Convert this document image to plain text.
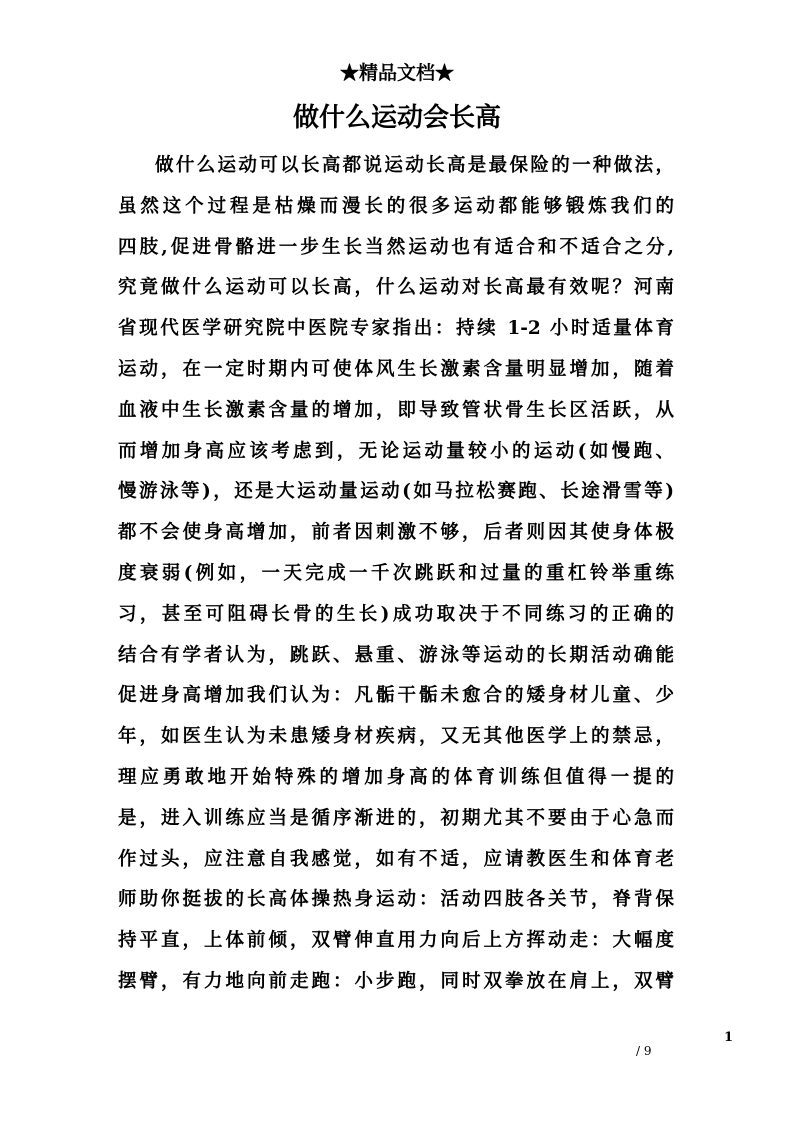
★精品文档★
做什么运动会长高
做什么运动可以长高都说运动长高是最保险的一种做法，
虽然这个过程是枯燥而漫长的很多运动都能够锻炼我们的
四肢,促进骨骼进一步生长当然运动也有适合和不适合之分,
究竟做什么运动可以长高，什么运动对长高最有效呢？河南
省现代医学研究院中医院专家指出：持续 1-2 小时适量体育
运动，在一定时期内可使体风生长激素含量明显增加，随着
血液中生长激素含量的增加，即导致管状骨生长区活跃，从
而增加身高应该考虑到，无论运动量较小的运动(如慢跑、
慢游泳等)，还是大运动量运动(如马拉松赛跑、长途滑雪等)
都不会使身高增加，前者因刺激不够，后者则因其使身体极
度衰弱(例如，一天完成一千次跳跃和过量的重杠铃举重练
习，甚至可阻碍长骨的生长)成功取决于不同练习的正确的
结合有学者认为，跳跃、悬重、游泳等运动的长期活动确能
促进身高增加我们认为：凡骺干骺未愈合的矮身材儿童、少
年，如医生认为未患矮身材疾病，又无其他医学上的禁忌，
理应勇敢地开始特殊的增加身高的体育训练但值得一提的
是，进入训练应当是循序渐进的，初期尤其不要由于心急而
作过头，应注意自我感觉，如有不适，应请教医生和体育老
师助你挺拔的长高体操热身运动：活动四肢各关节，脊背保
持平直，上体前倾，双臂伸直用力向后上方挥动走：大幅度
摆臂，有力地向前走跑：小步跑，同时双拳放在肩上，双臂
1
/ 9
